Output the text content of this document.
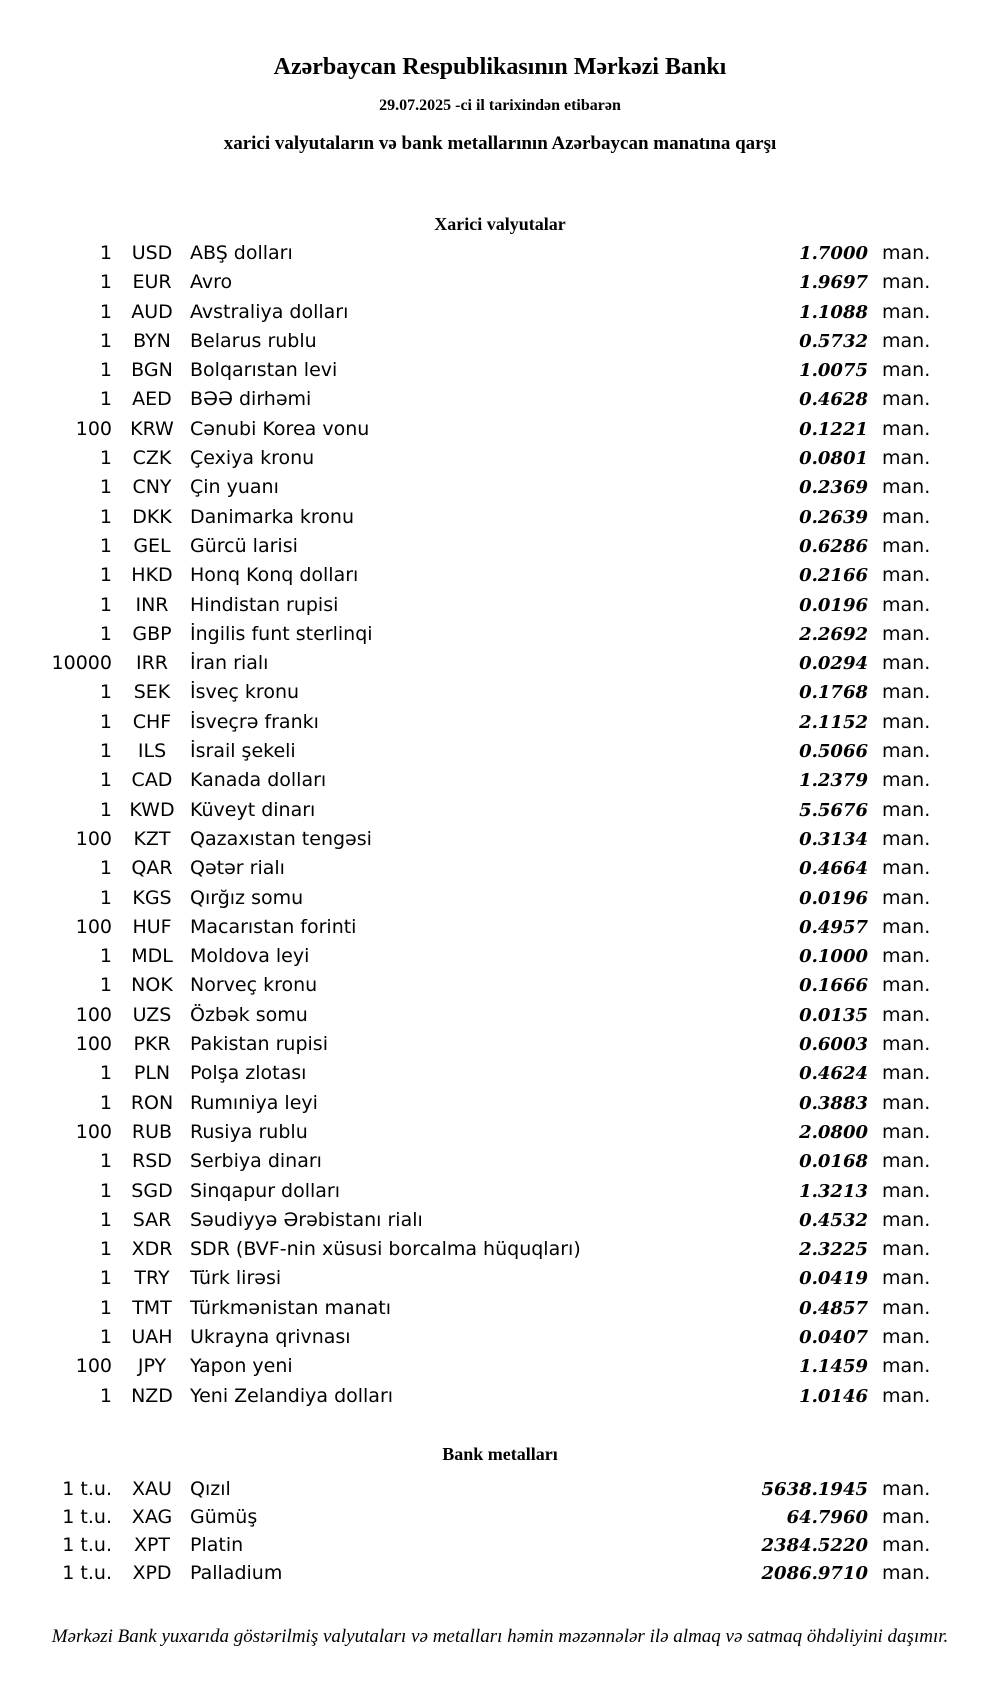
Azərbaycan Respublikasının Mərkəzi Bankı
29.07.2025 -ci il tarixindən etibarən
xarici valyutaların və bank metallarının Azərbaycan manatına qarşı
Xarici valyutalar
1	USD ABŞ dolları	1.7000 man.
1	EUR Avro	1.9697 man.
1	AUD Avstraliya dolları	1.1088 man.
1	BYN	Belarus rublu	0.5732 man.
1	BGN Bolqarıstan levi	1.0075 man.
1	AED BƏƏ dirhəmi	0.4628 man.
100 KRW Cənubi Korea vonu	0.1221 man.
1	CZK Çexiya kronu	0.0801 man.
1	CNY Çin yuanı	0.2369 man.
1	DKK Danimarka kronu	0.2639 man.
1	GEL	Gürcü larisi	0.6286 man.
1	HKD Honq Konq dolları	0.2166 man.
1	INR	Hindistan rupisi	0.0196 man.
1	GBP İngilis funt sterlinqi	2.2692 man.
10000	IRR	İran rialı	0.0294 man.
1	SEK	İsveç kronu	0.1768 man.
1	CHF İsveçrə frankı	2.1152 man.
1	ILS	İsrail şekeli	0.5066 man.
1	CAD Kanada dolları	1.2379 man.
1 KWD Küveyt dinarı	5.5676 man.
100	KZT	Qazaxıstan tengəsi	0.3134 man.
1	QAR Qətər rialı	0.4664 man.
1	KGS Qırğız somu	0.0196 man.
100	HUF Macarıstan forinti	0.4957 man.
1	MDL Moldova leyi	0.1000 man.
1	NOK Norveç kronu	0.1666 man.
100	UZS Özbək somu	0.0135 man.
100	PKR	Pakistan rupisi	0.6003 man.
1	PLN	Polşa zlotası	0.4624 man.
1 RON Rumıniya leyi	0.3883 man.
100	RUB Rusiya rublu	2.0800 man.
1	RSD Serbiya dinarı	0.0168 man.
1	SGD Sinqapur dolları	1.3213 man.
1	SAR Səudiyyə Ərəbistanı rialı	0.4532 man.
1	XDR SDR (BVF-nin xüsusi borcalma hüquqları)	2.3225 man.
1	TRY	Türk lirəsi	0.0419 man.
1	TMT Türkmənistan manatı	0.4857 man.
1	UAH Ukrayna qrivnası	0.0407 man.
100	JPY	Yapon yeni	1.1459 man.
1	NZD Yeni Zelandiya dolları	1.0146 man.
Bank metalları
1 t.u.	XAU Qızıl	5638.1945 man.
1 t.u.	XAG Gümüş	64.7960 man.
1 t.u.	XPT	Platin	2384.5220 man.
1 t.u.	XPD Palladium	2086.9710 man.
Mərkəzi Bank yuxarıda göstərilmiş valyutaları və metalları həmin məzənnələr ilə almaq və satmaq öhdəliyini daşımır.
